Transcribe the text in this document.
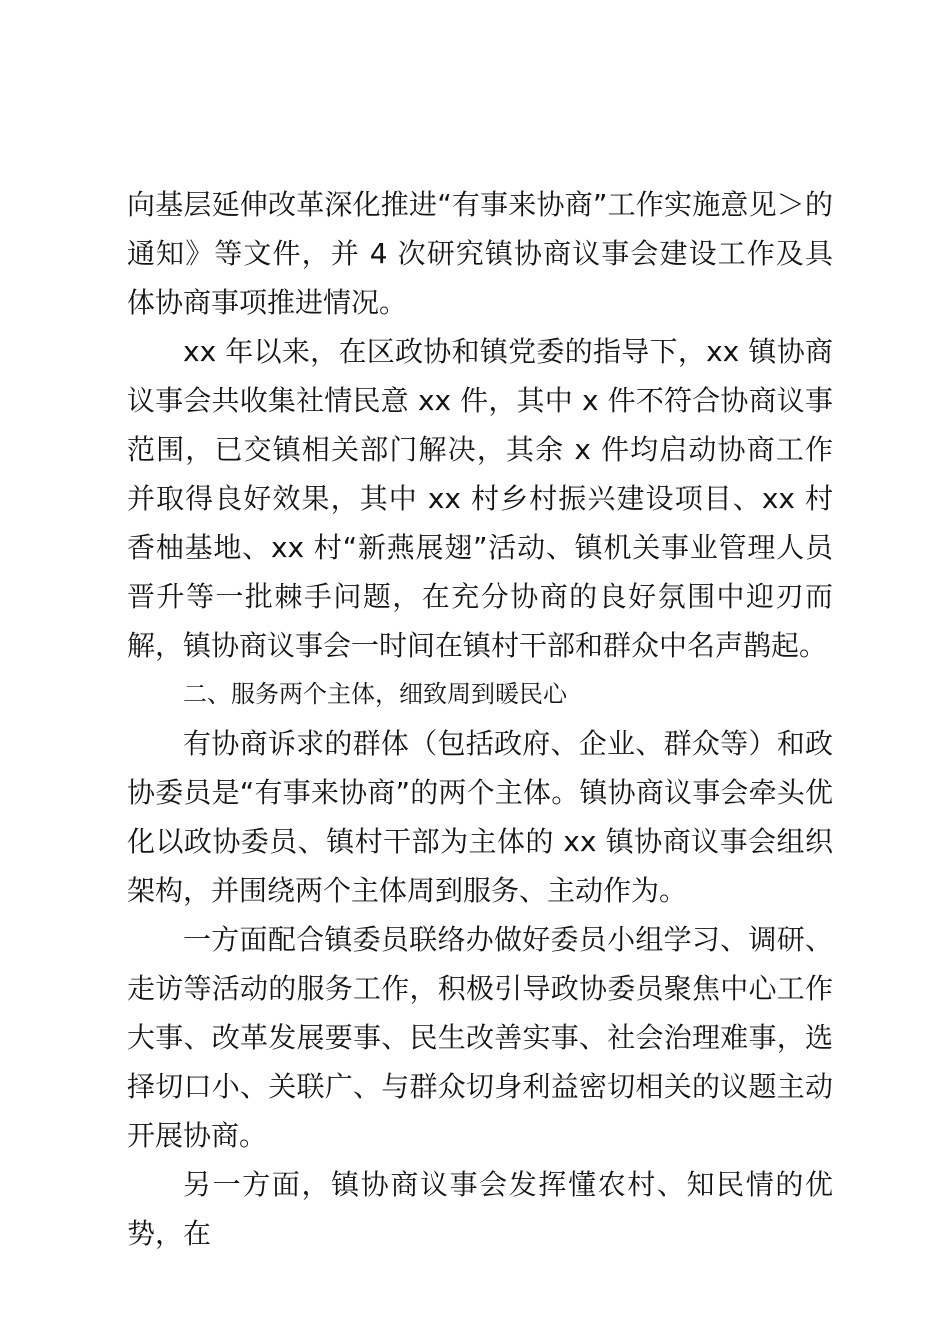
向基层延伸改革深化推进“有事来协商”工作实施意见＞的通知》等文件，并 4 次研究镇协商议事会建设工作及具体协商事项推进情况。

xx 年以来，在区政协和镇党委的指导下，xx 镇协商议事会共收集社情民意 xx 件，其中 x 件不符合协商议事范围，已交镇相关部门解决，其余 x 件均启动协商工作并取得良好效果，其中 xx 村乡村振兴建设项目、xx 村香柚基地、xx 村“新燕展翅”活动、镇机关事业管理人员晋升等一批棘手问题，在充分协商的良好氛围中迎刃而解，镇协商议事会一时间在镇村干部和群众中名声鹊起。

二、服务两个主体，细致周到暖民心

有协商诉求的群体（包括政府、企业、群众等）和政协委员是“有事来协商”的两个主体。镇协商议事会牵头优化以政协委员、镇村干部为主体的 xx 镇协商议事会组织架构，并围绕两个主体周到服务、主动作为。

一方面配合镇委员联络办做好委员小组学习、调研、走访等活动的服务工作，积极引导政协委员聚焦中心工作大事、改革发展要事、民生改善实事、社会治理难事，选择切口小、关联广、与群众切身利益密切相关的议题主动开展协商。

另一方面，镇协商议事会发挥懂农村、知民情的优势，在
